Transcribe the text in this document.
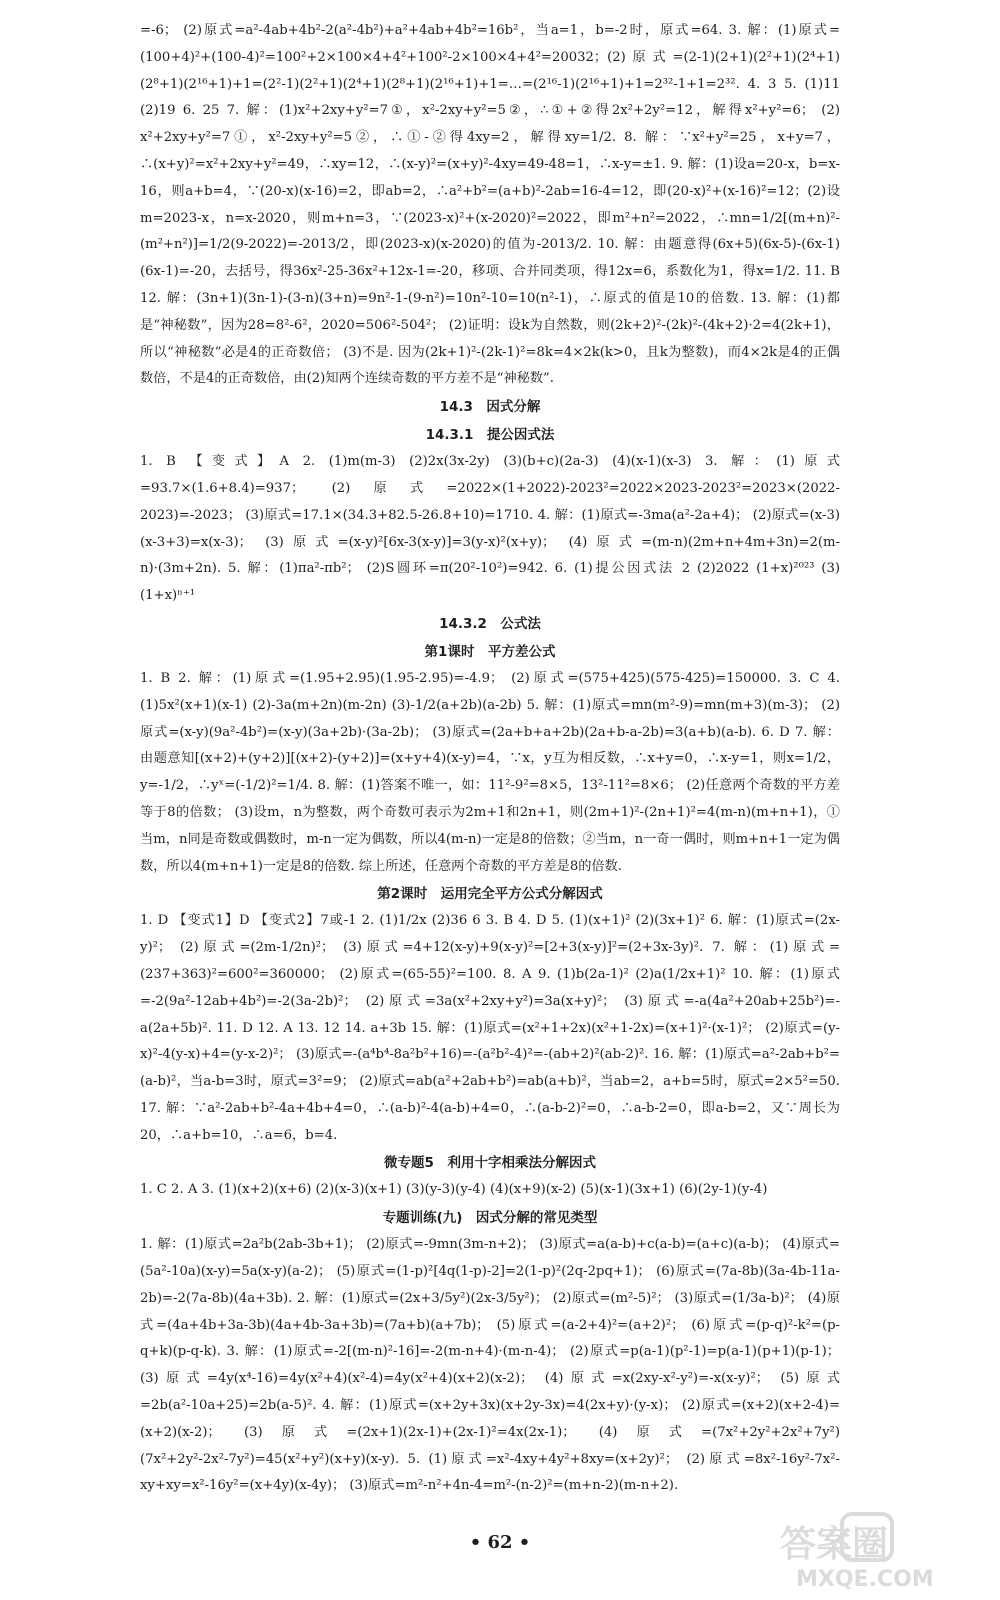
=-6； (2)原式=a²-4ab+4b²-2(a²-4b²)+a²+4ab+4b²=16b²，当a=1，b=-2时，原式=64. 3. 解：(1)原式=(100+4)²+(100-4)²=100²+2×100×4+4²+100²-2×100×4+4²=20032；(2)原式=(2-1)(2+1)(2²+1)(2⁴+1)(2⁸+1)(2¹⁶+1)+1=(2²-1)(2²+1)(2⁴+1)(2⁸+1)(2¹⁶+1)+1=…=(2¹⁶-1)(2¹⁶+1)+1=2³²-1+1=2³². 4. 3 5. (1)11 (2)19 6. 25 7. 解：(1)x²+2xy+y²=7①，x²-2xy+y²=5②，∴①+②得2x²+2y²=12，解得x²+y²=6； (2) x²+2xy+y²=7①，x²-2xy+y²=5②，∴①-②得4xy=2，解得xy=1/2. 8. 解：∵x²+y²=25，x+y=7，∴(x+y)²=x²+2xy+y²=49，∴xy=12，∴(x-y)²=(x+y)²-4xy=49-48=1，∴x-y=±1. 9. 解：(1)设a=20-x，b=x-16，则a+b=4，∵(20-x)(x-16)=2，即ab=2，∴a²+b²=(a+b)²-2ab=16-4=12，即(20-x)²+(x-16)²=12；(2)设m=2023-x，n=x-2020，则m+n=3，∵(2023-x)²+(x-2020)²=2022，即m²+n²=2022，∴mn=1/2[(m+n)²-(m²+n²)]=1/2(9-2022)=-2013/2，即(2023-x)(x-2020)的值为-2013/2. 10. 解：由题意得(6x+5)(6x-5)-(6x-1)(6x-1)=-20，去括号，得36x²-25-36x²+12x-1=-20，移项、合并同类项，得12x=6，系数化为1，得x=1/2. 11. B 12. 解：(3n+1)(3n-1)-(3-n)(3+n)=9n²-1-(9-n²)=10n²-10=10(n²-1)，∴原式的值是10的倍数. 13. 解：(1)都是“神秘数”，因为28=8²-6²，2020=506²-504²； (2)证明：设k为自然数，则(2k+2)²-(2k)²-(4k+2)·2=4(2k+1)，所以“神秘数”必是4的正奇数倍； (3)不是. 因为(2k+1)²-(2k-1)²=8k=4×2k(k>0，且k为整数)，而4×2k是4的正偶数倍，不是4的正奇数倍，由(2)知两个连续奇数的平方差不是“神秘数”.

14.3　因式分解

14.3.1　提公因式法

1. B 【变式】A 2. (1)m(m-3) (2)2x(3x-2y) (3)(b+c)(2a-3) (4)(x-1)(x-3) 3. 解：(1)原式=93.7×(1.6+8.4)=937； (2)原式=2022×(1+2022)-2023²=2022×2023-2023²=2023×(2022-2023)=-2023； (3)原式=17.1×(34.3+82.5-26.8+10)=1710. 4. 解：(1)原式=-3ma(a²-2a+4)； (2)原式=(x-3)(x-3+3)=x(x-3)； (3)原式=(x-y)²[6x-3(x-y)]=3(y-x)²(x+y)； (4)原式=(m-n)(2m+n+4m+3n)=2(m-n)·(3m+2n). 5. 解：(1)πa²-πb²； (2)S圆环=π(20²-10²)=942. 6. (1)提公因式法 2 (2)2022 (1+x)²⁰²³ (3)(1+x)ⁿ⁺¹

14.3.2　公式法

第1课时　平方差公式

1. B 2. 解：(1)原式=(1.95+2.95)(1.95-2.95)=-4.9； (2)原式=(575+425)(575-425)=150000. 3. C 4. (1)5x²(x+1)(x-1) (2)-3a(m+2n)(m-2n) (3)-1/2(a+2b)(a-2b) 5. 解：(1)原式=mn(m²-9)=mn(m+3)(m-3)； (2)原式=(x-y)(9a²-4b²)=(x-y)(3a+2b)·(3a-2b)； (3)原式=(2a+b+a+2b)(2a+b-a-2b)=3(a+b)(a-b). 6. D 7. 解：由题意知[(x+2)+(y+2)][(x+2)-(y+2)]=(x+y+4)(x-y)=4，∵x，y互为相反数，∴x+y=0，∴x-y=1，则x=1/2，y=-1/2，∴yˣ=(-1/2)²=1/4. 8. 解：(1)答案不唯一，如：11²-9²=8×5，13²-11²=8×6； (2)任意两个奇数的平方差等于8的倍数； (3)设m，n为整数，两个奇数可表示为2m+1和2n+1，则(2m+1)²-(2n+1)²=4(m-n)(m+n+1)，①当m，n同是奇数或偶数时，m-n一定为偶数，所以4(m-n)一定是8的倍数；②当m，n一奇一偶时，则m+n+1一定为偶数，所以4(m+n+1)一定是8的倍数. 综上所述，任意两个奇数的平方差是8的倍数.

第2课时　运用完全平方公式分解因式

1. D 【变式1】D 【变式2】7或-1 2. (1)1/2x (2)36 6 3. B 4. D 5. (1)(x+1)² (2)(3x+1)² 6. 解：(1)原式=(2x-y)²； (2)原式=(2m-1/2n)²； (3)原式=4+12(x-y)+9(x-y)²=[2+3(x-y)]²=(2+3x-3y)². 7. 解：(1)原式=(237+363)²=600²=360000； (2)原式=(65-55)²=100. 8. A 9. (1)b(2a-1)² (2)a(1/2x+1)² 10. 解：(1)原式=-2(9a²-12ab+4b²)=-2(3a-2b)²； (2)原式=3a(x²+2xy+y²)=3a(x+y)²； (3)原式=-a(4a²+20ab+25b²)=-a(2a+5b)². 11. D 12. A 13. 12 14. a+3b 15. 解：(1)原式=(x²+1+2x)(x²+1-2x)=(x+1)²·(x-1)²； (2)原式=(y-x)²-4(y-x)+4=(y-x-2)²； (3)原式=-(a⁴b⁴-8a²b²+16)=-(a²b²-4)²=-(ab+2)²(ab-2)². 16. 解：(1)原式=a²-2ab+b²=(a-b)²，当a-b=3时，原式=3²=9； (2)原式=ab(a²+2ab+b²)=ab(a+b)²，当ab=2，a+b=5时，原式=2×5²=50. 17. 解：∵a²-2ab+b²-4a+4b+4=0，∴(a-b)²-4(a-b)+4=0，∴(a-b-2)²=0，∴a-b-2=0，即a-b=2，又∵周长为20，∴a+b=10，∴a=6，b=4.

微专题5　利用十字相乘法分解因式

1. C 2. A 3. (1)(x+2)(x+6) (2)(x-3)(x+1) (3)(y-3)(y-4) (4)(x+9)(x-2) (5)(x-1)(3x+1) (6)(2y-1)(y-4)

专题训练(九)　因式分解的常见类型

1. 解：(1)原式=2a²b(2ab-3b+1)； (2)原式=-9mn(3m-n+2)； (3)原式=a(a-b)+c(a-b)=(a+c)(a-b)； (4)原式=(5a²-10a)(x-y)=5a(x-y)(a-2)； (5)原式=(1-p)²[4q(1-p)-2]=2(1-p)²(2q-2pq+1)； (6)原式=(7a-8b)(3a-4b-11a-2b)=-2(7a-8b)(4a+3b). 2. 解：(1)原式=(2x+3/5y²)(2x-3/5y²)； (2)原式=(m²-5)²； (3)原式=(1/3a-b)²； (4)原式=(4a+4b+3a-3b)(4a+4b-3a+3b)=(7a+b)(a+7b)； (5)原式=(a-2+4)²=(a+2)²； (6)原式=(p-q)²-k²=(p-q+k)(p-q-k). 3. 解：(1)原式=-2[(m-n)²-16]=-2(m-n+4)·(m-n-4)； (2)原式=p(a-1)(p²-1)=p(a-1)(p+1)(p-1)； (3)原式=4y(x⁴-16)=4y(x²+4)(x²-4)=4y(x²+4)(x+2)(x-2)； (4)原式=x(2xy-x²-y²)=-x(x-y)²； (5)原式=2b(a²-10a+25)=2b(a-5)². 4. 解：(1)原式=(x+2y+3x)(x+2y-3x)=4(2x+y)·(y-x)； (2)原式=(x+2)(x+2-4)=(x+2)(x-2)； (3)原式=(2x+1)(2x-1)+(2x-1)²=4x(2x-1)； (4)原式=(7x²+2y²+2x²+7y²)(7x²+2y²-2x²-7y²)=45(x²+y²)(x+y)(x-y). 5. (1)原式=x²-4xy+4y²+8xy=(x+2y)²； (2)原式=8x²-16y²-7x²-xy+xy=x²-16y²=(x+4y)(x-4y)； (3)原式=m²-n²+4n-4=m²-(n-2)²=(m+n-2)(m-n+2).

• 62 •	答案圈
MXQE.COM
